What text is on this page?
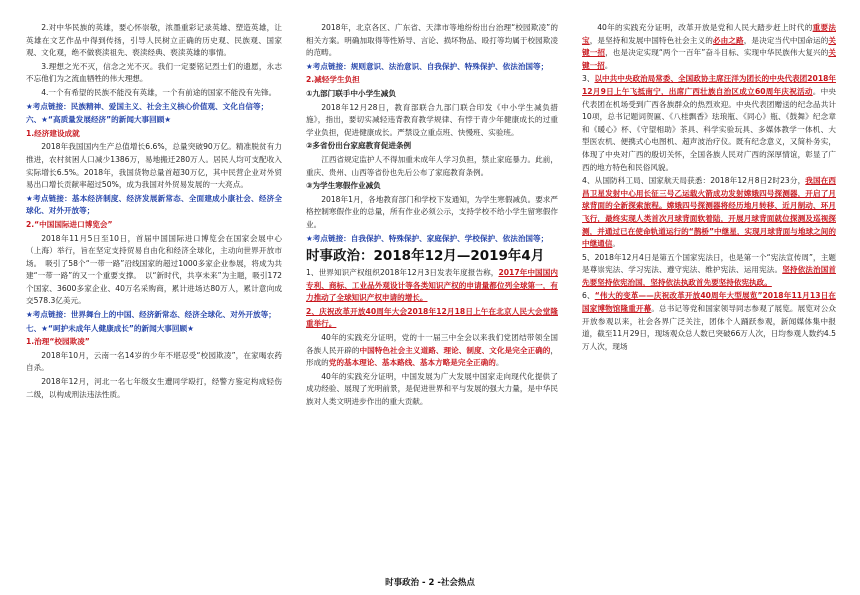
2.对中华民族的英雄，要心怀崇敬，浓墨重彩记录英雄、塑造英雄，让英雄在文艺作品中得到传扬，引导人民树立正确的历史观、民族观、国家观、文化观，绝不做亵渎祖先、亵渎经典、亵渎英雄的事情。

3.理想之光不灭，信念之光不灭。我们一定要铭记烈士们的遗愿，永志不忘他们为之流血牺牲的伟大理想。

4.一个有希望的民族不能没有英雄，一个有前途的国家不能没有先锋。

★考点链接：民族精神、爱国主义、社会主义核心价值观、文化自信等；

六、★“高质量发展经济”的新闻大事回顾★

1.经济建设成就

2018年我国国内生产总值增长6.6%，总量突破90万亿。精准脱贫有力推进，农村贫困人口减少1386万，易地搬迁280万人。居民人均可支配收入实际增长6.5%。2018年，我国货物总量首超30万亿，其中民营企业对外贸易出口增长贡献率超过50%，成为我国对外贸易发展的一大亮点。

★考点链接：基本经济制度、经济发展新常态、全面建成小康社会、经济全球化、对外开放等；

2.“中国国际进口博览会”

2018年11月5日至10日，首届中国国际进口博览会在国家会展中心（上海）举行，旨在坚定支持贸易自由化和经济全球化，主动向世界开放市场。　吸引了58个“一带一路”沿线国家的超过1000多家企业参展，将成为共建“一带一路”的又一个重要支撑。　以“新时代，共享未来”为主题，吸引172个国家、3600多家企业、40万名采购商，累计进场达80万人，累计意向成交578.3亿美元。

★考点链接：世界舞台上的中国、经济新常态、经济全球化、对外开放等；

七、★“呵护未成年人健康成长”的新闻大事回顾★

1.治理“校园欺凌”

2018年10月，云南一名14岁的少年不堪忍受“校园欺凌”，在家喝农药自杀。

2018年12月，河北一名七年级女生遭同学殴打，经警方鉴定构成轻伤二级，以构成刑法违法性质。

2018年，北京各区、广东省、天津市等地纷纷出台治理“校园欺凌”的相关方案。明确加取得等性矫导、言论、损坏物品、殴打等均属于校园欺凌的范畴。

★考点链接：规则意识、法治意识、自我保护、特殊保护、依法治国等；

2.减轻学生负担

①九部门联手中小学生减负

2018年12月28日，教育部联合九部门联合印发《中小学生减负措施》，指出，要切实减轻违背教育教学规律、有悖于青少年健康成长的过重学业负担，促进健康成长。严禁设立重点班、快慢班、实验班。

②多省份出台家庭教育促进条例

江西省规定监护人不得加重未成年人学习负担，禁止家庭暴力。此前，重庆、贵州、山西等省份也先后公布了家庭教育条例。

③为学生寒假作业减负

2018年1月，各地教育部门和学校下发通知，为学生寒假减负。要求严格控制寒假作业的总量，所有作业必须公示，支持学校不给小学生留寒假作业。

★考点链接：自我保护、特殊保护、家庭保护、学校保护、依法治国等；

时事政治：2018年12月—2019年4月

1、世界知识产权组织2018年12月3日发表年度报告称，2017年中国国内专利、商标、工业品外观设计等各类知识产权的申请量都位列全球第一，有力推动了全球知识产权申请的增长。

2、庆祝改革开放40周年大会2018年12月18日上午在北京人民大会堂隆重举行。

40年的实践充分证明，党的十一届三中全会以来我们党团结带领全国各族人民开辟的中国特色社会主义道路、理论、制度、文化是完全正确的，形成的党的基本理论、基本路线、基本方略是完全正确的。

40年的实践充分证明，中国发展为广大发展中国家走向现代化提供了成功经验、展现了光明前景，是促进世界和平与发展的强大力量，是中华民族对人类文明进步作出的重大贡献。

40年的实践充分证明，改革开放是党和人民大踏步赶上时代的重要法宝，是坚持和发展中国特色社会主义的必由之路，是决定当代中国命运的关键一招，也是决定实现“两个一百年”奋斗目标、实现中华民族伟大复兴的关键一招。

3、以中共中央政治局常委、全国政协主席汪洋为团长的中央代表团2018年12月9日上午飞抵南宁，出席广西壮族自治区成立60周年庆祝活动。中央代表团在机场受到广西各族群众的热烈欢迎。中央代表团赠送的纪念品共计10项，总书记题词贺匾、《八桂飘香》珐琅瓶、《同心》瓶、《鼓舞》纪念章和《暖心》杯、《守望相助》茶具、科学实验玩具、多媒体教学一体机、大型医农机、便携式心电图机、超声波治疗仪。既有纪念意义，又简朴务实，体现了中央对广西的殷切关怀，全国各族人民对广西的深厚情谊，彰显了广西的地方特色和民俗风貌。

4、从国防科工局、国家航天局获悉：2018年12月8日2时23分，我国在西昌卫星发射中心用长征三号乙运载火箭成功发射嫦娥四号探测器，开启了月球背面的全新探索旅程。嫦娥四号探测器将经历地月转移、近月制动、环月飞行，最终实现人类首次月球背面软着陆，开展月球背面就位探测及巡视探测，并通过已在使命轨道运行的“鹊桥”中继星，实现月球背面与地球之间的中继通信。

5、2018年12月4日是第五个国家宪法日，也是第一个“宪法宣传周”，主题是尊崇宪法、学习宪法、遵守宪法、维护宪法、运用宪法。坚持依法治国首先要坚持依宪治国，坚持依法执政首先要坚持依宪执政。

6、“伟大的变革——庆祝改革开放40周年大型展览”2018年11月13日在国家博物馆隆重开幕。总书记等党和国家领导同志参观了展览。展览对公众开放参观以来，社会各界广泛关注，团体个人踊跃参观，新闻媒体集中报道，截至11月29日，现场观众总人数已突破66万人次，日均参观人数约4.5万人次，现场

时事政治 - 2 -社会热点
